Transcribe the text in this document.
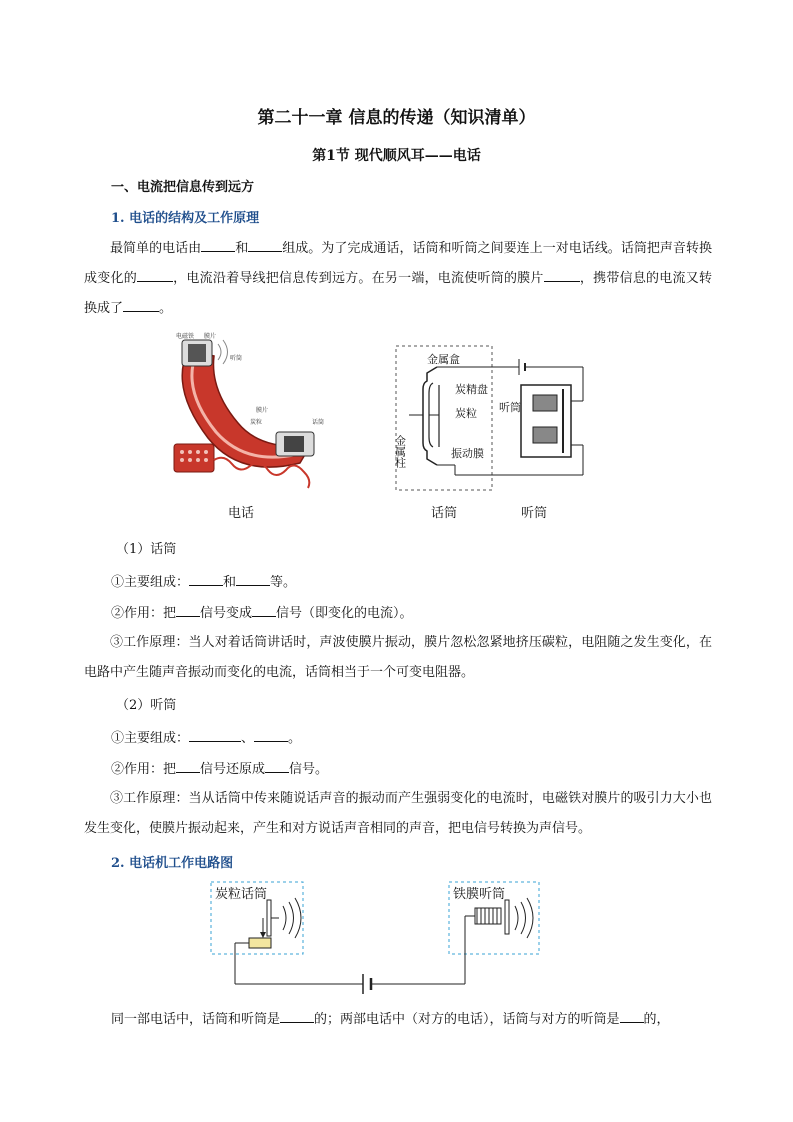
第二十一章 信息的传递（知识清单）
第1节 现代顺风耳——电话
一、电流把信息传到远方
1. 电话的结构及工作原理
最简单的电话由	和	组成。为了完成通话，话筒和听筒之间要连上一对电话线。话筒把声音转换成变化的	，电流沿着导线把信息传到远方。在另一端，电流使听筒的膜片	，携带信息的电流又转换成了	。
电磁铁 膜片
听筒
膜片
炭粒	话筒
金属盒
炭精盘
炭粒
振动膜
金属柱
听筒
电话	话筒	听筒
（1）话筒
①主要组成：	和	等。
②作用：把 信号变成 信号（即变化的电流）。
③工作原理：当人对着话筒讲话时，声波使膜片振动，膜片忽松忽紧地挤压碳粒，电阻随之发生变化，在电路中产生随声音振动而变化的电流，话筒相当于一个可变电阻器。
（2）听筒
①主要组成：	、	。
②作用：把 信号还原成 信号。
③工作原理：当从话筒中传来随说话声音的振动而产生强弱变化的电流时，电磁铁对膜片的吸引力大小也发生变化，使膜片振动起来，产生和对方说话声音相同的声音，把电信号转换为声信号。
2. 电话机工作电路图
炭粒话筒	铁膜听筒
同一部电话中，话筒和听筒是	的；两部电话中（对方的电话），话筒与对方的听筒是 的，
